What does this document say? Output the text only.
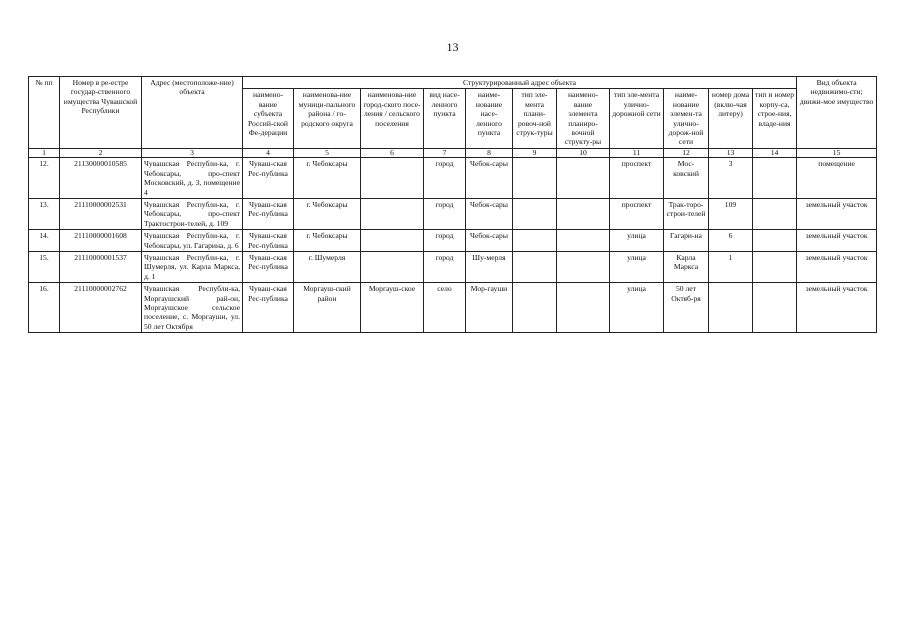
13
№ пп	Номер в ре-естре государ-ственного имущества Чувашской Республики	Адрес (местоположе-ние) объекта	Структурированный адрес объекта											Вид объекта недвижимо-сти; движи-мое имущество
			наимено-вание субъекта Россий-ской Фе-дерации	наименова-ние муници-пального района / го-родского округа	наименова-ние город-ского посе-ления / сельского поселения	вид насе-ленного пункта	наиме-нование насе-ленного пункта	тип эле-мента плани-ровоч-ной струк-туры	наимено-вание элемента планиро-вочной структу-ры	тип эле-мента улично-дорожной сети	наиме-нование элемен-та улично-дорож-ной сети	номер дома (вклю-чая литеру)	тип и номер корпу-са, строе-ния, владе-ния	
1	2	3	4	5	6	7	8	9	10	11	12	13	14	15
12.	21130000010585	Чувашская Республи-ка, г. Чебоксары, про-спект Московский, д. 3, помещение 4	Чуваш-ская Рес-публика	г. Чебоксары		город	Чебок-сары			проспект	Мос-ковский	3		помещение
13.	21110000002531	Чувашская Республи-ка, г. Чебоксары, про-спект Трактострои-телей, д. 109	Чуваш-ская Рес-публика	г. Чебоксары		город	Чебок-сары			проспект	Трак-торо-строи-телей	109		земельный участок
14.	21110000001608	Чувашская Республи-ка, г. Чебоксары, ул. Гагарина, д. 6	Чуваш-ская Рес-публика	г. Чебоксары		город	Чебок-сары			улица	Гагари-на	6		земельный участок
15.	21110000001537	Чувашская Республи-ка, г. Шумерля, ул. Карла Маркса, д. 1	Чуваш-ская Рес-публика	г. Шумерля		город	Шу-мерля			улица	Карла Маркса	1		земельный участок
16.	21110000002762	Чувашская Республи-ка, Моргаушский рай-он, Моргаушское сельское поселение, с. Моргауши, ул. 50 лет Октября	Чуваш-ская Рес-публика	Моргауш-ский район	Моргауш-ское	село	Мор-гауши			улица	50 лет Октяб-ря			земельный участок
